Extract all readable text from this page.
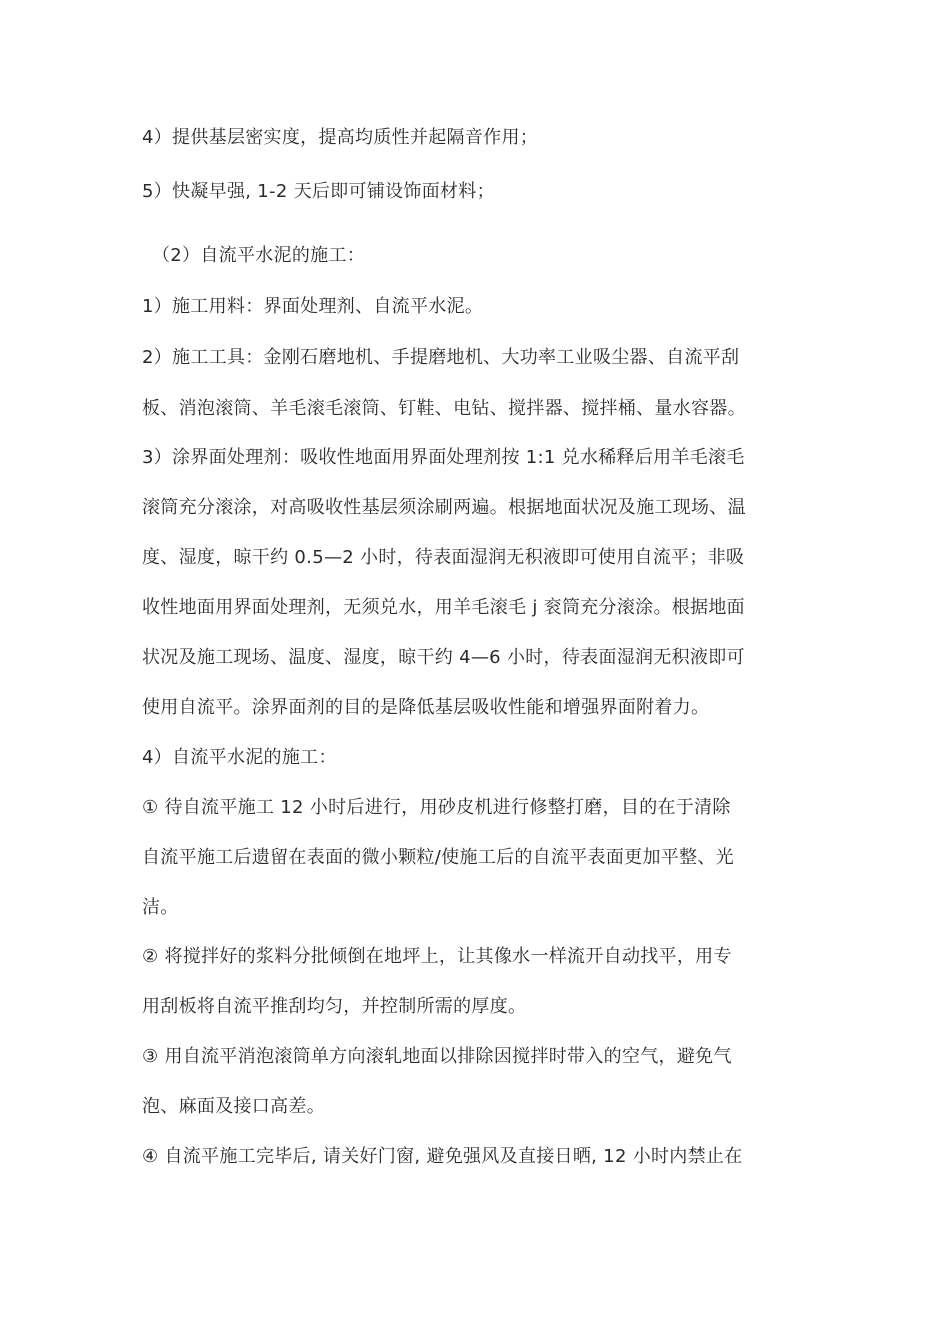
4）提供基层密实度，提高均质性并起隔音作用；
5）快凝早强, 1-2 天后即可铺设饰面材料；
（2）自流平水泥的施工：
1）施工用料：界面处理剂、自流平水泥。
2）施工工具：金刚石磨地机、手提磨地机、大功率工业吸尘器、自流平刮
板、消泡滚筒、羊毛滚毛滚筒、钉鞋、电钻、搅拌器、搅拌桶、量水容器。
3）涂界面处理剂：吸收性地面用界面处理剂按 1:1 兑水稀释后用羊毛滚毛
滚筒充分滚涂，对高吸收性基层须涂刷两遍。根据地面状况及施工现场、温
度、湿度，晾干约 0.5—2 小时，待表面湿润无积液即可使用自流平；非吸
收性地面用界面处理剂，无须兑水，用羊毛滚毛 j 衮筒充分滚涂。根据地面
状况及施工现场、温度、湿度，晾干约 4—6 小时，待表面湿润无积液即可
使用自流平。涂界面剂的目的是降低基层吸收性能和增强界面附着力。
4）自流平水泥的施工：
① 待自流平施工 12 小时后进行，用砂皮机进行修整打磨，目的在于清除
自流平施工后遗留在表面的微小颗粒/使施工后的自流平表面更加平整、光
洁。
② 将搅拌好的浆料分批倾倒在地坪上，让其像水一样流开自动找平，用专
用刮板将自流平推刮均匀，并控制所需的厚度。
③ 用自流平消泡滚筒单方向滚轧地面以排除因搅拌时带入的空气，避免气
泡、麻面及接口高差。
④ 自流平施工完毕后, 请关好门窗, 避免强风及直接日晒, 12 小时内禁止在
